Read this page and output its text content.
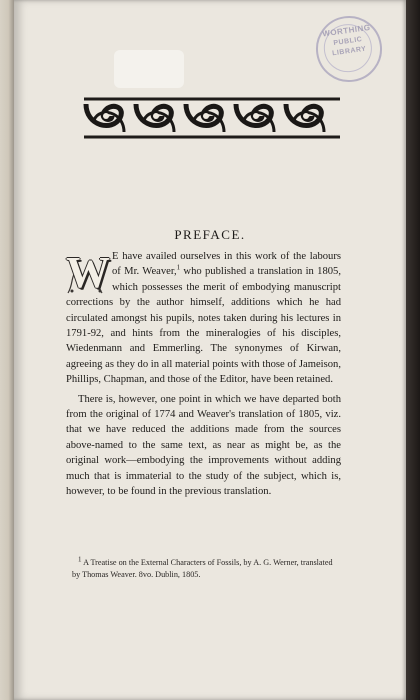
WORTHING
PUBLIC
LIBRARY
PREFACE.

W E have availed ourselves in this work of the labours of Mr. Weaver,$^1$ who published a translation in 1805, which possesses the merit of embodying manuscript corrections by the author himself, additions which he had circulated amongst his pupils, notes taken during his lectures in 1791-92, and hints from the mineralogies of his disciples, Wiedenmann and Emmerling. The synonymes of Kirwan, agreeing as they do in all material points with those of Jameison, Phillips, Chapman, and those of the Editor, have been retained.

There is, however, one point in which we have departed both from the original of 1774 and Weaver's translation of 1805, viz. that we have reduced the additions made from the sources above-named to the same text, as near as might be, as the original work—embodying the improvements without adding much that is immaterial to the study of the subject, which is, however, to be found in the previous translation.

1 A Treatise on the External Characters of Fossils, by A. G. Werner, translated by Thomas Weaver. 8vo. Dublin, 1805.
